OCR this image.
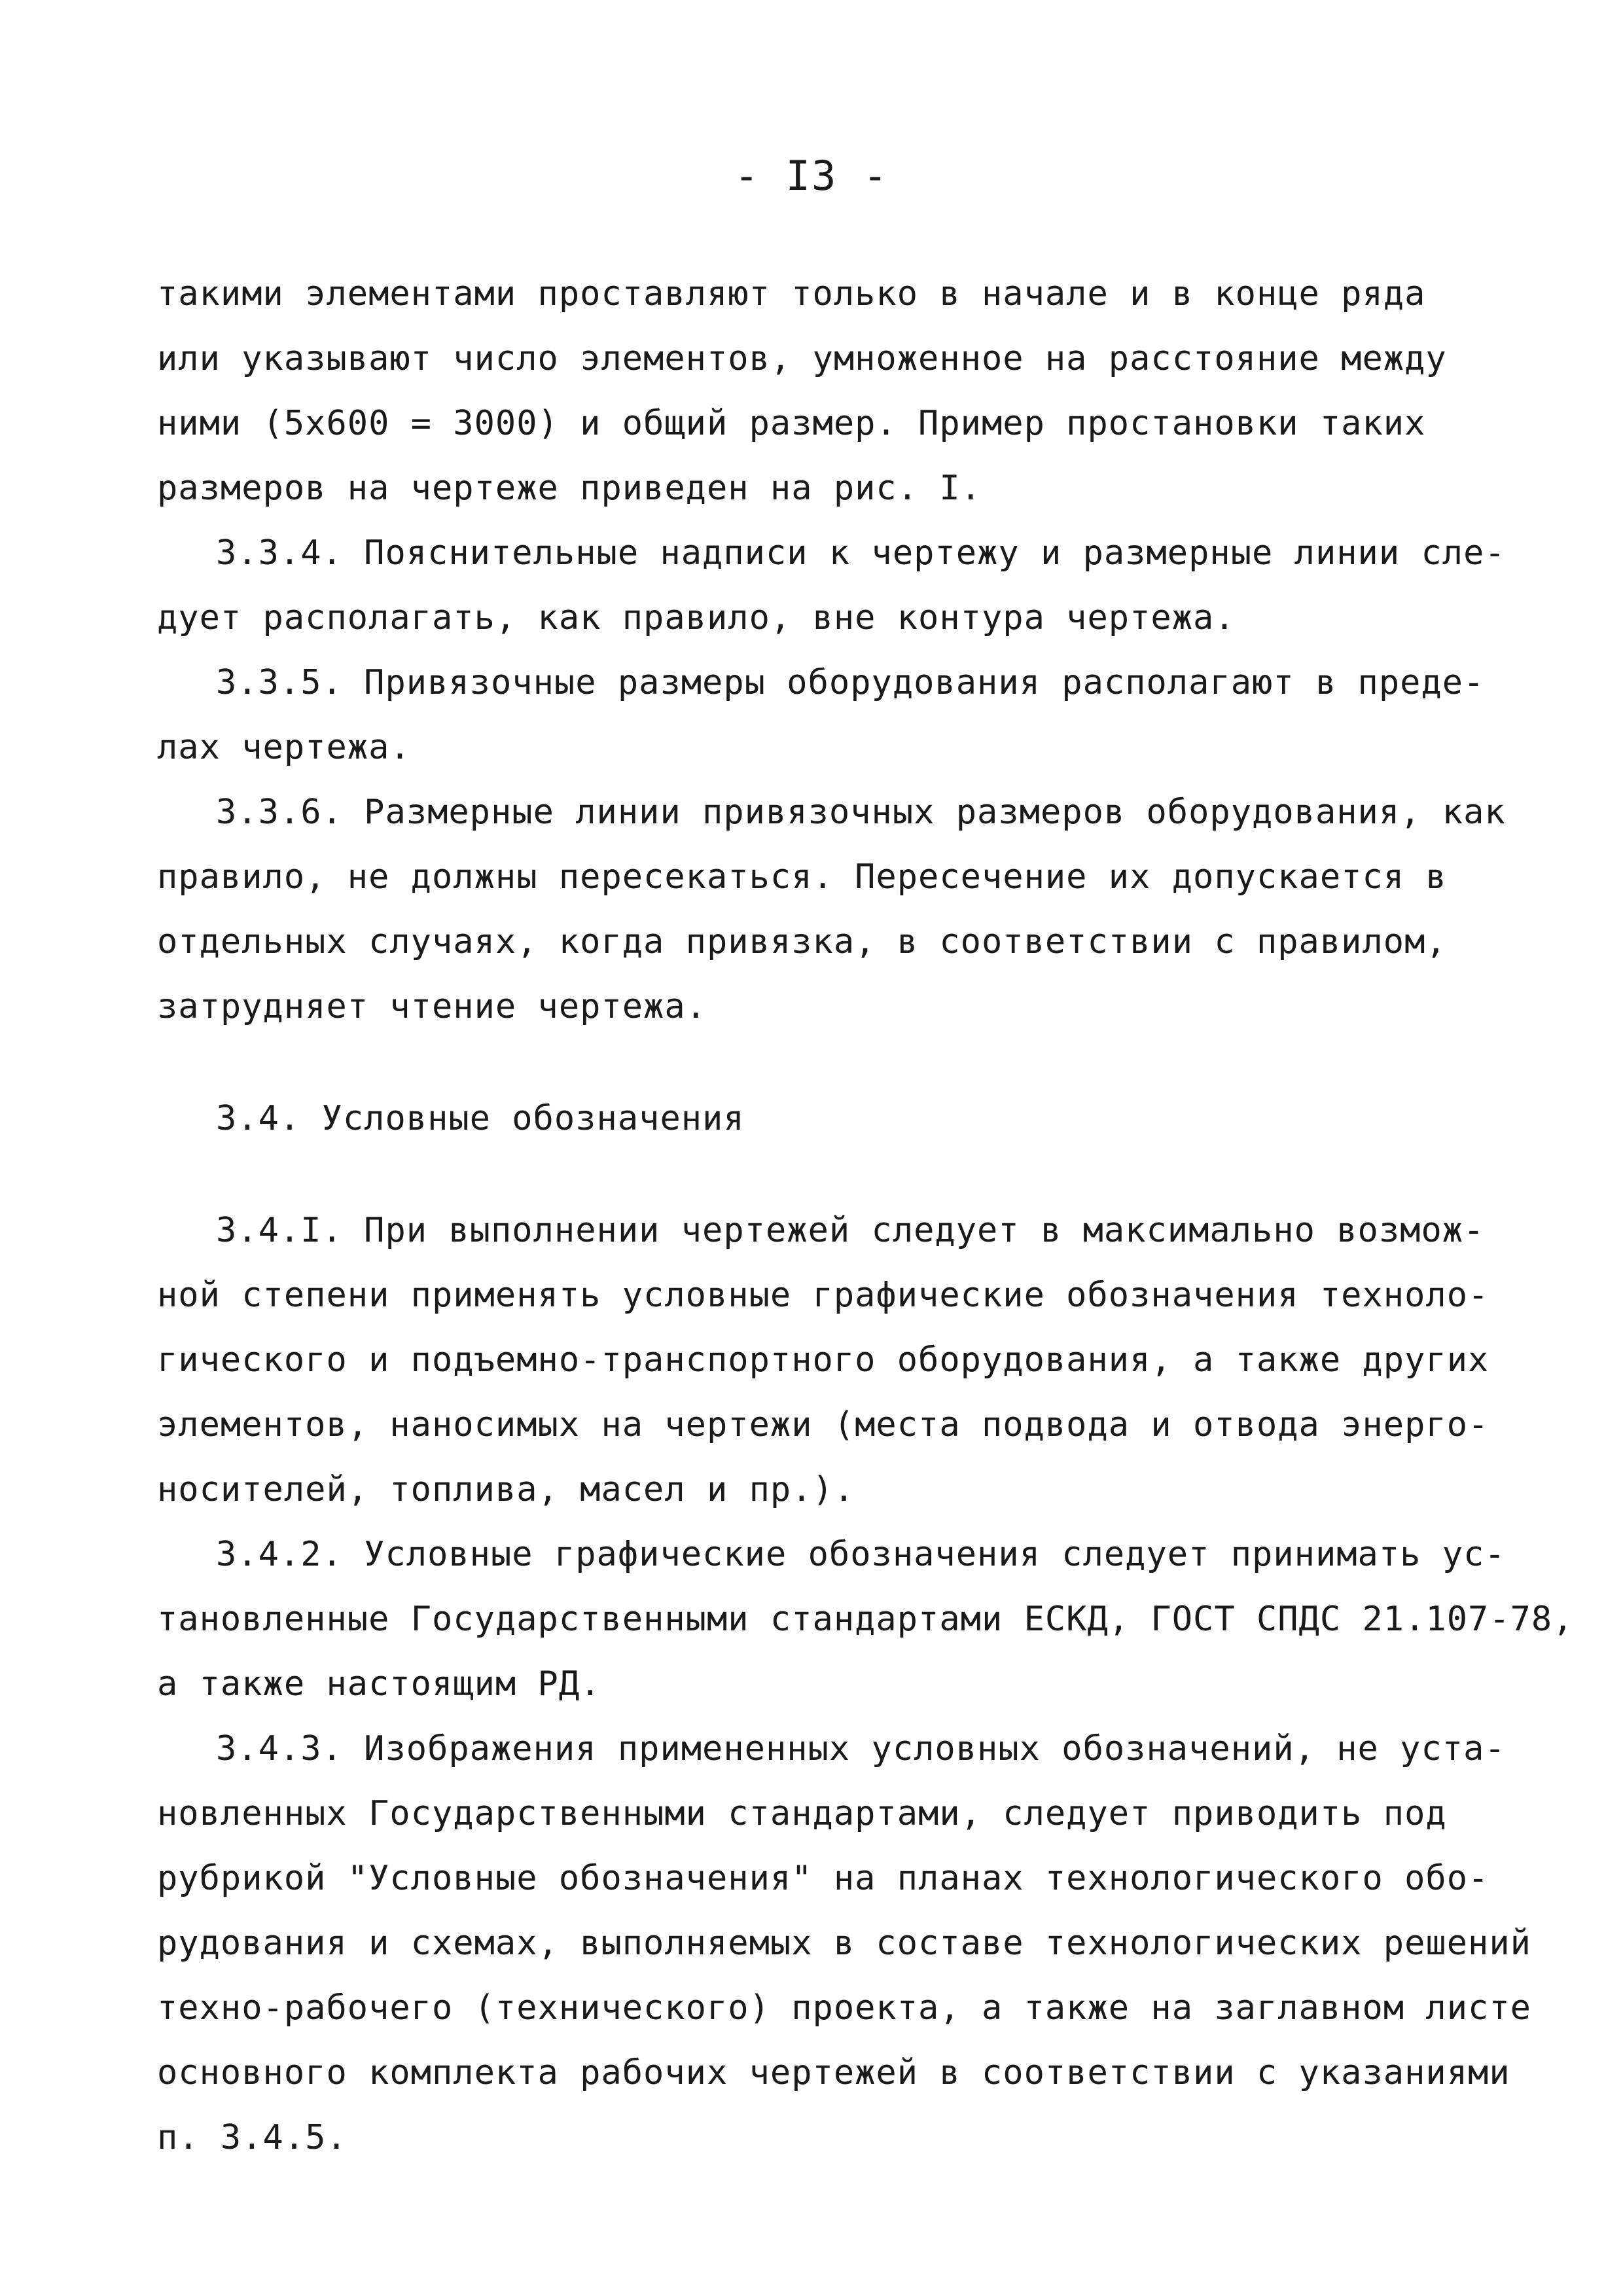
- I3 -
такими элементами проставляют только в начале и в конце ряда
или указывают число элементов, умноженное на расстояние между
ними (5х600 = 3000) и общий размер. Пример простановки таких
размеров на чертеже приведен на рис. I.
3.3.4. Пояснительные надписи к чертежу и размерные линии сле-
дует располагать, как правило, вне контура чертежа.
3.3.5. Привязочные размеры оборудования располагают в преде-
лах чертежа.
3.3.6. Размерные линии привязочных размеров оборудования, как
правило, не должны пересекаться. Пересечение их допускается в
отдельных случаях, когда привязка, в соответствии с правилом,
затрудняет чтение чертежа.
3.4. Условные обозначения
3.4.I. При выполнении чертежей следует в максимально возмож-
ной степени применять условные графические обозначения техноло-
гического и подъемно-транспортного оборудования, а также других
элементов, наносимых на чертежи (места подвода и отвода энерго-
носителей, топлива, масел и пр.).
3.4.2. Условные графические обозначения следует принимать ус-
тановленные Государственными стандартами ЕСКД, ГОСТ СПДС 21.107-78,
а также настоящим РД.
3.4.3. Изображения примененных условных обозначений, не уста-
новленных Государственными стандартами, следует приводить под
рубрикой "Условные обозначения" на планах технологического обо-
рудования и схемах, выполняемых в составе технологических решений
техно-рабочего (технического) проекта, а также на заглавном листе
основного комплекта рабочих чертежей в соответствии с указаниями
п. 3.4.5.
